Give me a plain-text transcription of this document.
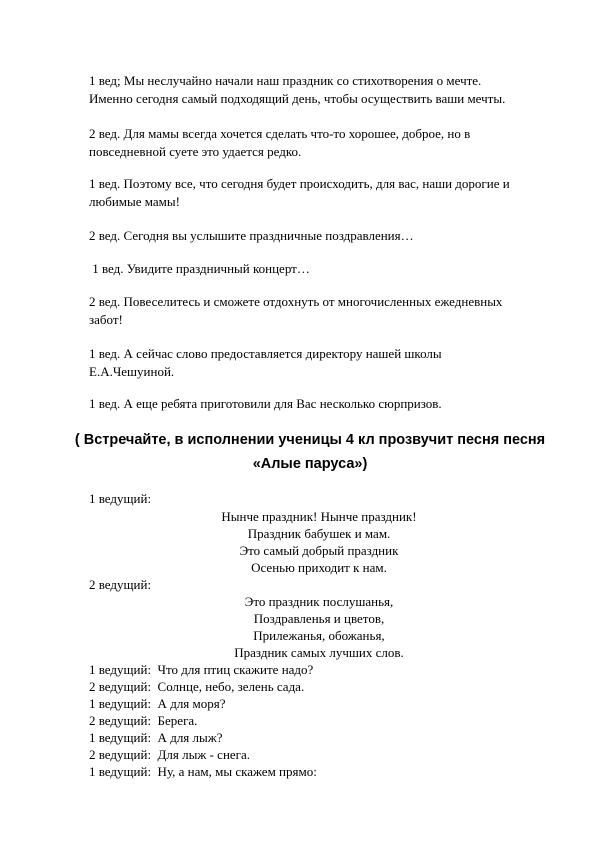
1 вед; Мы неслучайно начали наш праздник со стихотворения о мечте.
Именно сегодня самый подходящий день, чтобы осуществить ваши мечты.
2 вед. Для мамы всегда хочется сделать что-то хорошее, доброе, но в
повседневной суете это удается редко.
1 вед. Поэтому все, что сегодня будет происходить, для вас, наши дорогие и
любимые мамы!
2 вед. Сегодня вы услышите праздничные поздравления…
1 вед. Увидите праздничный концерт…
2 вед. Повеселитесь и сможете отдохнуть от многочисленных ежедневных
забот!
1 вед. А сейчас слово предоставляется директору нашей школы
Е.А.Чешуиной.
1 вед. А еще ребята приготовили для Вас несколько сюрпризов.
( Встречайте, в исполнении ученицы 4 кл прозвучит песня песня
«Алые паруса»)
1 ведущий:
Нынче праздник! Нынче праздник!
Праздник бабушек и мам.
Это самый добрый праздник
Осенью приходит к нам.
2 ведущий:
Это праздник послушанья,
Поздравленья и цветов,
Прилежанья, обожанья,
Праздник самых лучших слов.
1 ведущий:  Что для птиц скажите надо?
2 ведущий:  Солнце, небо, зелень сада.
1 ведущий:  А для моря?
2 ведущий:  Берега.
1 ведущий:  А для лыж?
2 ведущий:  Для лыж - снега.
1 ведущий:  Ну, а нам, мы скажем прямо:
